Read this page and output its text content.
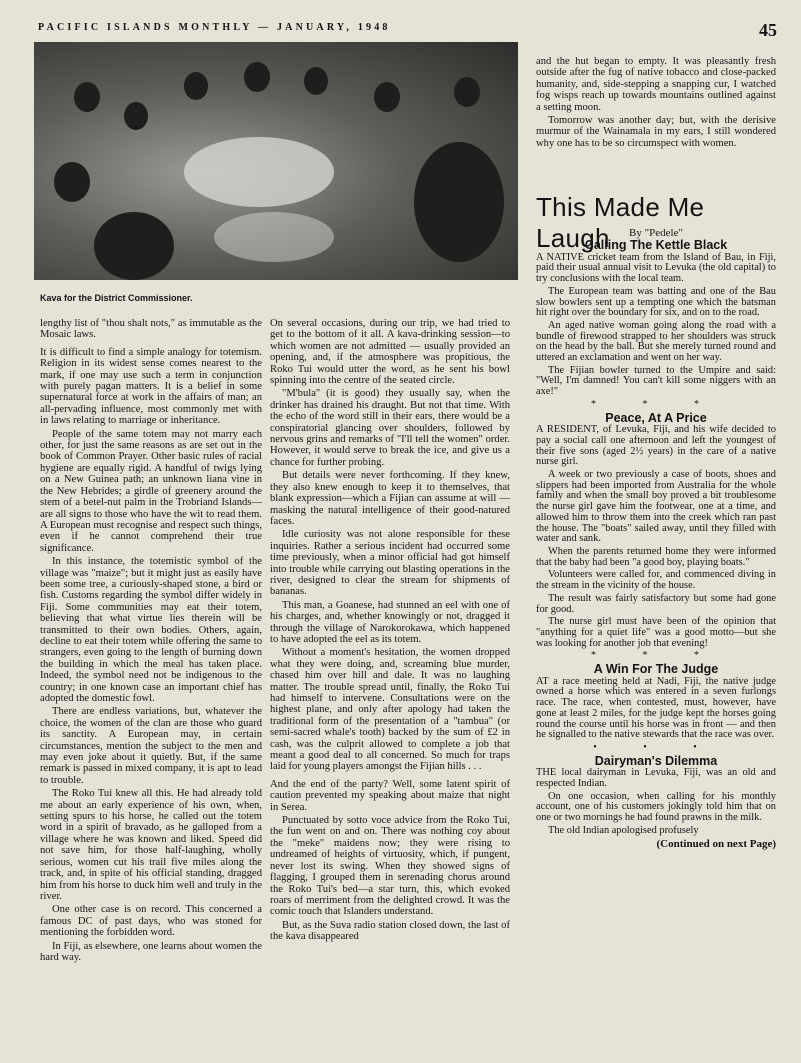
PACIFIC ISLANDS MONTHLY — JANUARY, 1948	45
Kava for the District Commissioner.

lengthy list of "thou shalt nots," as immutable as the Mosaic laws.

It is difficult to find a simple analogy for totemism. Religion in its widest sense comes nearest to the mark, if one may use such a term in conjunction with purely pagan matters. It is a belief in some supernatural force at work in the affairs of man; an all-pervading influence, most commonly met with in laws relating to marriage or inheritance.

People of the same totem may not marry each other, for just the same reasons as are set out in the book of Common Prayer. Other basic rules of racial hygiene are equally rigid. A handful of twigs lying on a New Guinea path; an unknown liana vine in the New Hebrides; a girdle of greenery around the stem of a betel-nut palm in the Trobriand Islands—are all signs to those who have the wit to read them. A European must recognise and respect such things, even if he cannot comprehend their true significance.

In this instance, the totemistic symbol of the village was "maize"; but it might just as easily have been some tree, a curiously-shaped stone, a bird or fish. Customs regarding the symbol differ widely in Fiji. Some communities may eat their totem, believing that what virtue lies therein will be transmitted to their own bodies. Others, again, decline to eat their totem while offering the same to strangers, even going to the length of burning down the building in which the meal has taken place. Indeed, the symbol need not be indigenous to the country; in one known case an important chief has adopted the domestic fowl.

There are endless variations, but, whatever the choice, the women of the clan are those who guard its sanctity. A European may, in certain circumstances, mention the subject to the men and may even joke about it quietly. But, if the same remark is passed in mixed company, it is apt to lead to trouble.

The Roko Tui knew all this. He had already told me about an early experience of his own, when, setting spurs to his horse, he called out the totem word in a spirit of bravado, as he galloped from a village where he was known and liked. Speed did not save him, for those half-laughing, wholly serious, women cut his trail five miles along the track, and, in spite of his official standing, dragged him from his horse to duck him well and truly in the river.

One other case is on record. This concerned a famous DC of past days, who was stoned for mentioning the forbidden word.

In Fiji, as elsewhere, one learns about women the hard way.

On several occasions, during our trip, we had tried to get to the bottom of it all. A kava-drinking session—to which women are not admitted — usually provided an opening, and, if the atmosphere was propitious, the Roko Tui would utter the word, as he sent his bowl spinning into the centre of the seated circle.

"M'bula" (it is good) they usually say, when the drinker has drained his draught. But not that time. With the echo of the word still in their ears, there would be a conspiratorial glancing over shoulders, followed by nervous grins and remarks of "I'll tell the women" order. However, it would serve to break the ice, and give us a chance for further probing.

But details were never forthcoming. If they knew, they also knew enough to keep it to themselves, that blank expression—which a Fijian can assume at will —masking the natural intelligence of their good-natured faces.

Idle curiosity was not alone responsible for these inquiries. Rather a serious incident had occurred some time previously, when a minor official had got himself into trouble while carrying out blasting operations in the river, designed to clear the stream for shipments of bananas.

This man, a Goanese, had stunned an eel with one of his charges, and, whether knowingly or not, dragged it through the village of Narokorokawa, which happened to have adopted the eel as its totem.

Without a moment's hesitation, the women dropped what they were doing, and, screaming blue murder, chased him over hill and dale. It was no laughing matter. The trouble spread until, finally, the Roko Tui had himself to intervene. Consultations were on the highest plane, and only after apology had taken the traditional form of the presentation of a "tambua" (or semi-sacred whale's tooth) backed by the sum of £2 in cash, was the culprit allowed to complete a job that meant a good deal to all concerned. So much for traps laid for young players amongst the Fijian hills . . .

And the end of the party? Well, some latent spirit of caution prevented my speaking about maize that night in Serea.

Punctuated by sotto voce advice from the Roko Tui, the fun went on and on. There was nothing coy about the "meke" maidens now; they were rising to undreamed of heights of virtuosity, which, if pungent, never lost its swing. When they showed signs of flagging, I grouped them in serenading chorus around the Roko Tui's bed—a star turn, this, which evoked roars of merriment from the delighted crowd. It was the comic touch that Islanders understand.

But, as the Suva radio station closed down, the last of the kava disappeared

and the hut began to empty. It was pleasantly fresh outside after the fug of native tobacco and close-packed humanity, and, side-stepping a snapping cur, I watched fog wisps reach up towards mountains outlined against a setting moon.

Tomorrow was another day; but, with the derisive murmur of the Wainamala in my ears, I still wondered why one has to be so circumspect with women.

This Made Me Laugh	By "Pedele"

Calling The Kettle Black

A NATIVE cricket team from the Island of Bau, in Fiji, paid their usual annual visit to Levuka (the old capital) to try conclusions with the local team.

The European team was batting and one of the Bau slow bowlers sent up a tempting one which the batsman hit right over the boundary for six, and on to the road.

An aged native woman going along the road with a bundle of firewood strapped to her shoulders was struck on the head by the ball. But she merely turned round and uttered an exclamation and went on her way.

The Fijian bowler turned to the Umpire and said: "Well, I'm damned! You can't kill some niggers with an axe!"

* * *

Peace, At A Price

A RESIDENT, of Levuka, Fiji, and his wife decided to pay a social call one afternoon and left the youngest of their five sons (aged 2½ years) in the care of a native nurse girl.

A week or two previously a case of boots, shoes and slippers had been imported from Australia for the whole family and when the small boy proved a bit troublesome the nurse girl gave him the footwear, one at a time, and allowed him to throw them into the creek which ran past the house. The "boats" sailed away, until they filled with water and sank.

When the parents returned home they were informed that the baby had been "a good boy, playing boats."

Volunteers were called for, and commenced diving in the stream in the vicinity of the house.

The result was fairly satisfactory but some had gone for good.

The nurse girl must have been of the opinion that "anything for a quiet life" was a good motto—but she was looking for another job that evening!

* * *

A Win For The Judge

AT a race meeting held at Nadi, Fiji, the native judge owned a horse which was entered in a seven furlongs race. The race, when contested, must, however, have gone at least 2 miles, for the judge kept the horses going round the course until his horse was in front — and then he signalled to the native stewards that the race was over.

• • •

Dairyman's Dilemma

THE local dairyman in Levuka, Fiji, was an old and respected Indian.

On one occasion, when calling for his monthly account, one of his customers jokingly told him that on one or two mornings he had found prawns in the milk.

The old Indian apologised profusely

(Continued on next Page)
